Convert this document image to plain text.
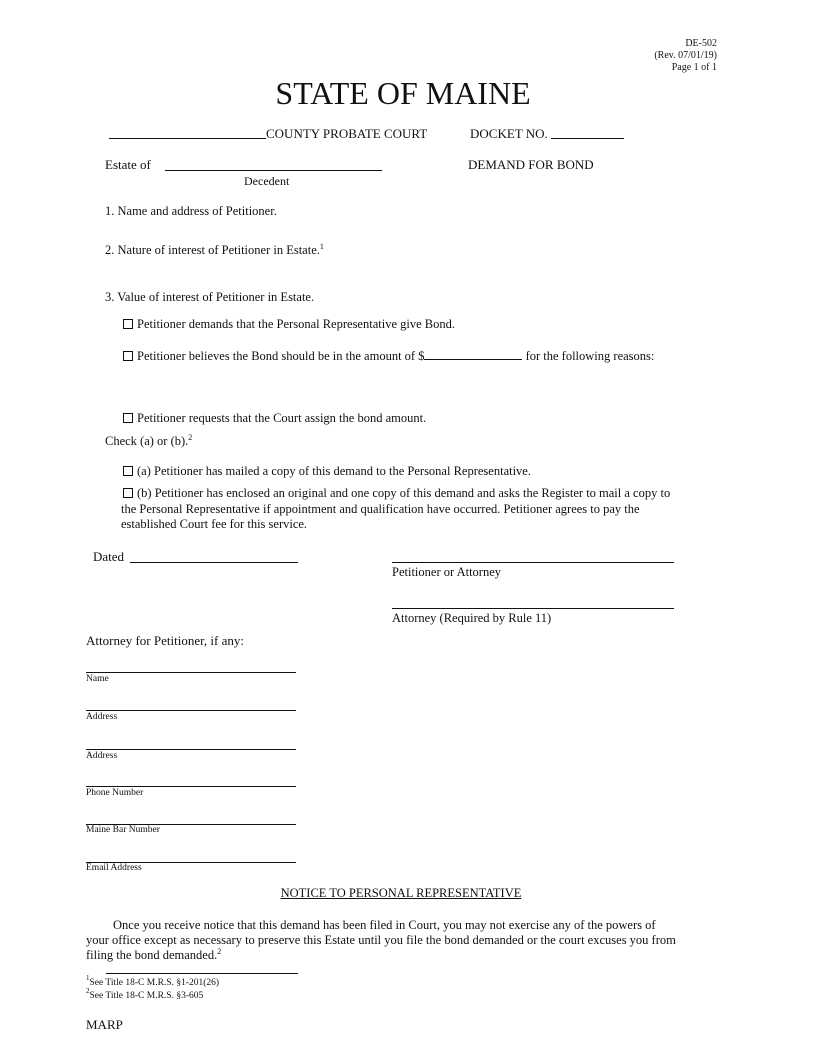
DE-502
(Rev. 07/01/19)
Page 1 of 1
STATE OF MAINE
COUNTY PROBATE COURT	DOCKET NO.
Estate of
Decedent
DEMAND FOR BOND
1. Name and address of Petitioner.
2. Nature of interest of Petitioner in Estate.$^1$
3. Value of interest of Petitioner in Estate.
Petitioner demands that the Personal Representative give Bond.
Petitioner believes the Bond should be in the amount of $	for the following reasons:
Petitioner requests that the Court assign the bond amount.
Check (a) or (b).$^2$
(a) Petitioner has mailed a copy of this demand to the Personal Representative.
(b) Petitioner has enclosed an original and one copy of this demand and asks the Register to mail a copy to
the Personal Representative if appointment and qualification have occurred. Petitioner agrees to pay the
established Court fee for this service.
Dated
Petitioner or Attorney
Attorney (Required by Rule 11)
Attorney for Petitioner, if any:
Name
Address
Address
Phone Number
Maine Bar Number
Email Address
NOTICE TO PERSONAL REPRESENTATIVE
Once you receive notice that this demand has been filed in Court, you may not exercise any of the powers of
your office except as necessary to preserve this Estate until you file the bond demanded or the court excuses you from
filing the bond demanded.$^2$
$^1$See Title 18-C M.R.S. §1-201(26)
$^2$See Title 18-C M.R.S. §3-605
MARP
